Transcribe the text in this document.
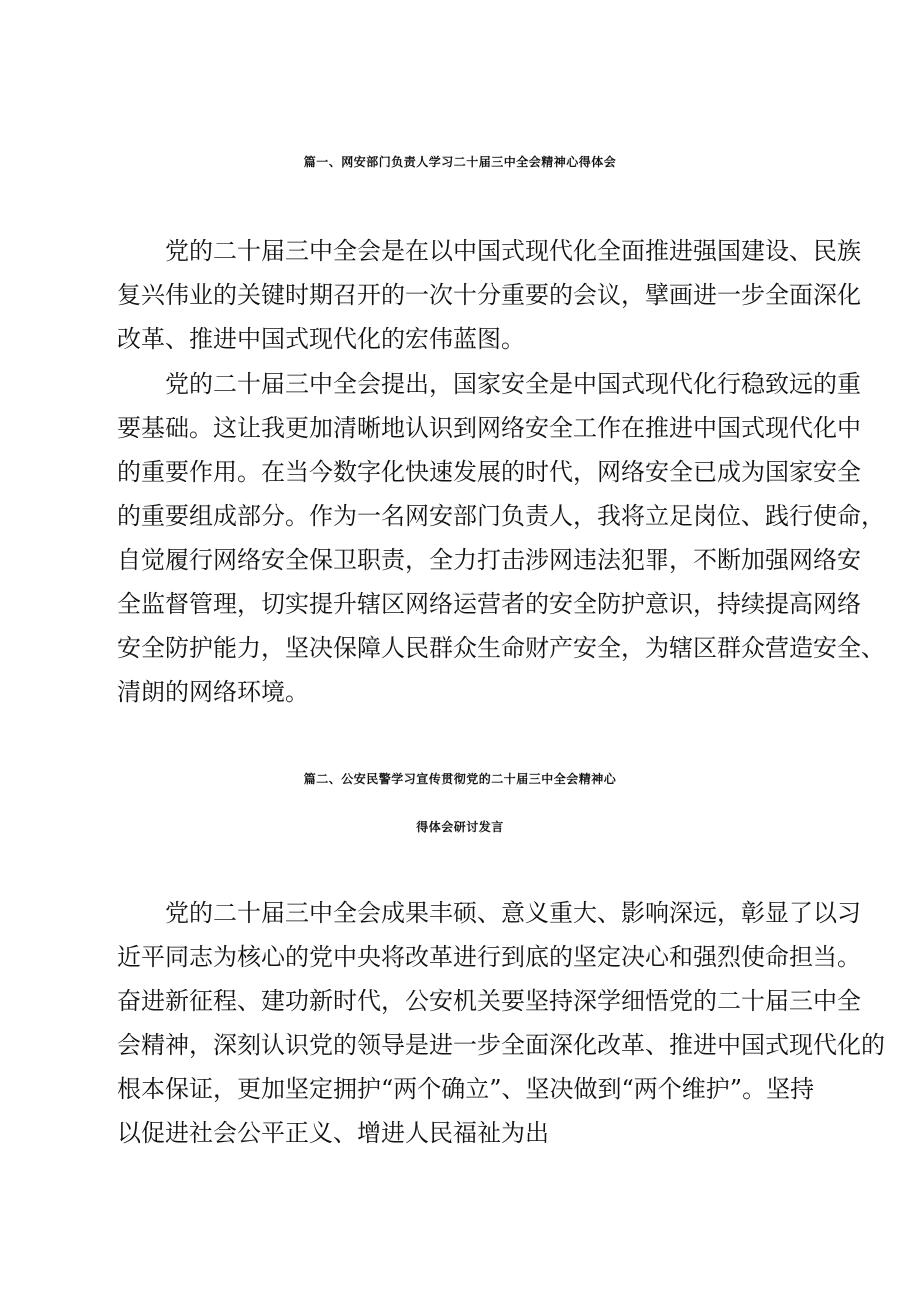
篇一、网安部门负责人学习二十届三中全会精神心得体会
党的二十届三中全会是在以中国式现代化全面推进强国建设、民族
复兴伟业的关键时期召开的一次十分重要的会议，擘画进一步全面深化
改革、推进中国式现代化的宏伟蓝图。
党的二十届三中全会提出，国家安全是中国式现代化行稳致远的重
要基础。这让我更加清晰地认识到网络安全工作在推进中国式现代化中
的重要作用。在当今数字化快速发展的时代，网络安全已成为国家安全
的重要组成部分。作为一名网安部门负责人，我将立足岗位、践行使命，
自觉履行网络安全保卫职责，全力打击涉网违法犯罪，不断加强网络安
全监督管理，切实提升辖区网络运营者的安全防护意识，持续提高网络
安全防护能力，坚决保障人民群众生命财产安全，为辖区群众营造安全、
清朗的网络环境。
篇二、公安民警学习宣传贯彻党的二十届三中全会精神心
得体会研讨发言
党的二十届三中全会成果丰硕、意义重大、影响深远，彰显了以习
近平同志为核心的党中央将改革进行到底的坚定决心和强烈使命担当。
奋进新征程、建功新时代，公安机关要坚持深学细悟党的二十届三中全
会精神，深刻认识党的领导是进一步全面深化改革、推进中国式现代化的
根本保证，更加坚定拥护“两个确立”、坚决做到“两个维护”。坚持
以促进社会公平正义、增进人民福祉为出
